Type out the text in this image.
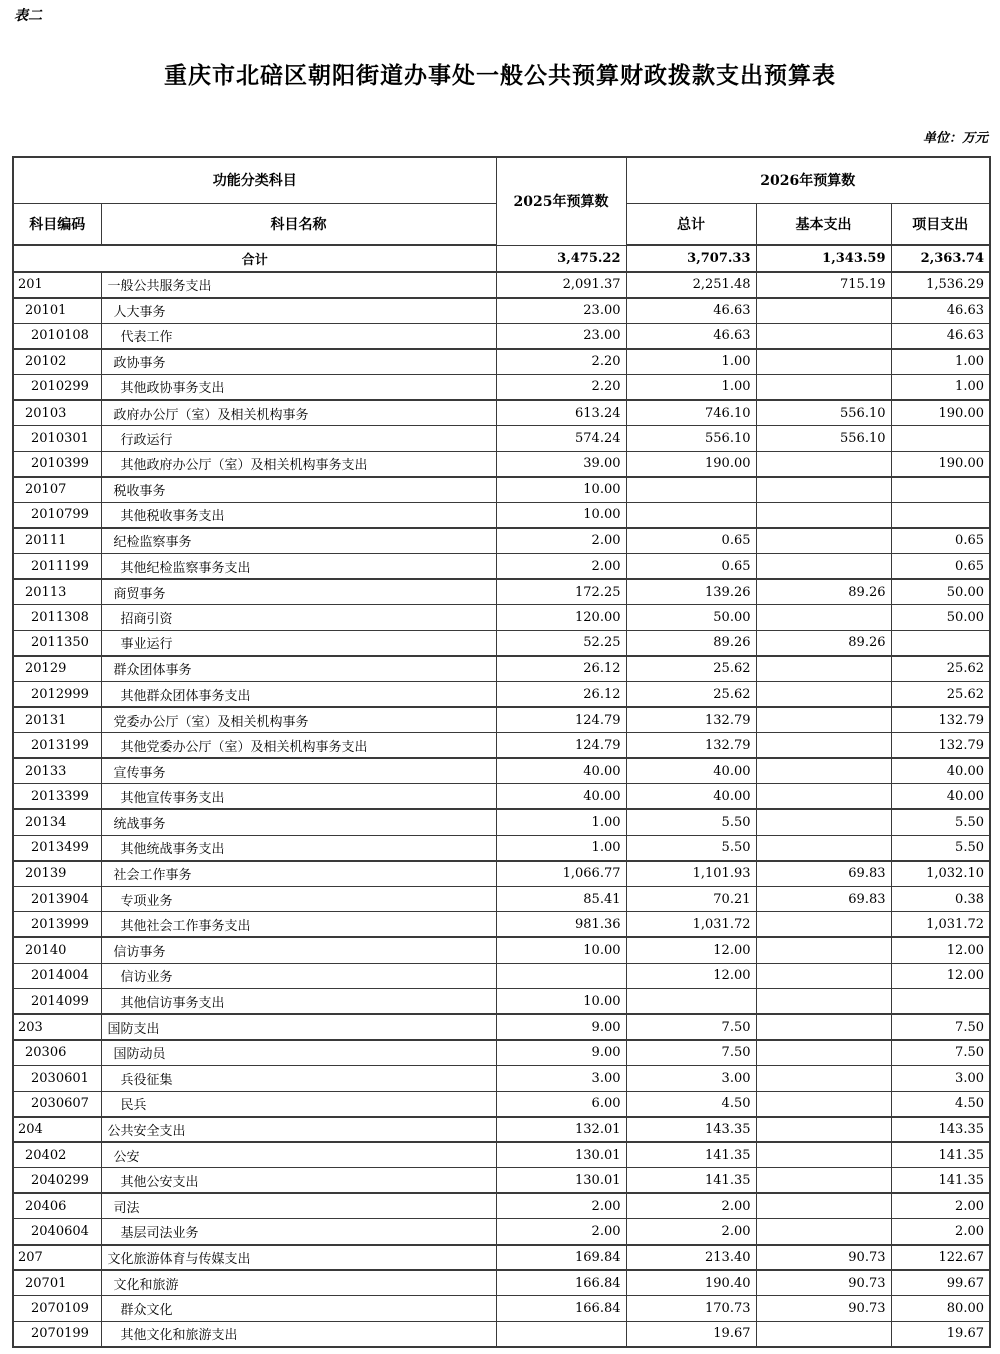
表二
重庆市北碚区朝阳街道办事处一般公共预算财政拨款支出预算表
单位：万元
功能分类科目		2025年预算数	2026年预算数		
科目编码	科目名称		总计	基本支出	项目支出
合计		3,475.22	3,707.33	1,343.59	2,363.74
201	一般公共服务支出	2,091.37	2,251.48	715.19	1,536.29
20101	人大事务	23.00	46.63		46.63
2010108	代表工作	23.00	46.63		46.63
20102	政协事务	2.20	1.00		1.00
2010299	其他政协事务支出	2.20	1.00		1.00
20103	政府办公厅（室）及相关机构事务	613.24	746.10	556.10	190.00
2010301	行政运行	574.24	556.10	556.10	
2010399	其他政府办公厅（室）及相关机构事务支出	39.00	190.00		190.00
20107	税收事务	10.00			
2010799	其他税收事务支出	10.00			
20111	纪检监察事务	2.00	0.65		0.65
2011199	其他纪检监察事务支出	2.00	0.65		0.65
20113	商贸事务	172.25	139.26	89.26	50.00
2011308	招商引资	120.00	50.00		50.00
2011350	事业运行	52.25	89.26	89.26	
20129	群众团体事务	26.12	25.62		25.62
2012999	其他群众团体事务支出	26.12	25.62		25.62
20131	党委办公厅（室）及相关机构事务	124.79	132.79		132.79
2013199	其他党委办公厅（室）及相关机构事务支出	124.79	132.79		132.79
20133	宣传事务	40.00	40.00		40.00
2013399	其他宣传事务支出	40.00	40.00		40.00
20134	统战事务	1.00	5.50		5.50
2013499	其他统战事务支出	1.00	5.50		5.50
20139	社会工作事务	1,066.77	1,101.93	69.83	1,032.10
2013904	专项业务	85.41	70.21	69.83	0.38
2013999	其他社会工作事务支出	981.36	1,031.72		1,031.72
20140	信访事务	10.00	12.00		12.00
2014004	信访业务		12.00		12.00
2014099	其他信访事务支出	10.00			
203	国防支出	9.00	7.50		7.50
20306	国防动员	9.00	7.50		7.50
2030601	兵役征集	3.00	3.00		3.00
2030607	民兵	6.00	4.50		4.50
204	公共安全支出	132.01	143.35		143.35
20402	公安	130.01	141.35		141.35
2040299	其他公安支出	130.01	141.35		141.35
20406	司法	2.00	2.00		2.00
2040604	基层司法业务	2.00	2.00		2.00
207	文化旅游体育与传媒支出	169.84	213.40	90.73	122.67
20701	文化和旅游	166.84	190.40	90.73	99.67
2070109	群众文化	166.84	170.73	90.73	80.00
2070199	其他文化和旅游支出		19.67		19.67
